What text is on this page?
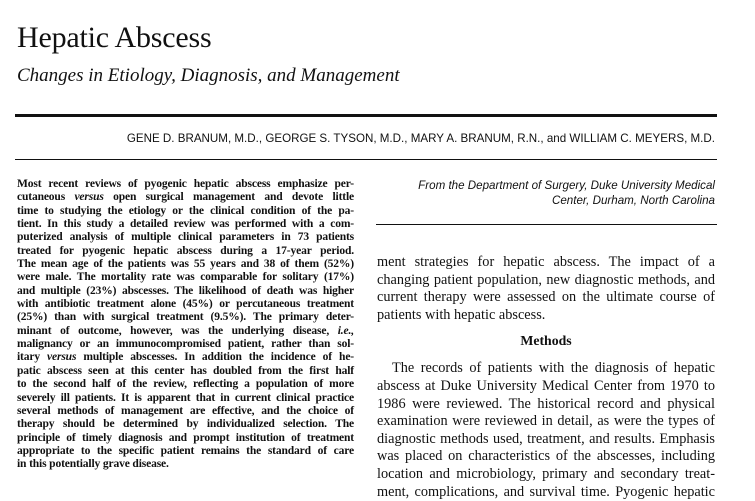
Hepatic Abscess
Changes in Etiology, Diagnosis, and Management
GENE D. BRANUM, M.D., GEORGE S. TYSON, M.D., MARY A. BRANUM, R.N., and WILLIAM C. MEYERS, M.D.
Most recent reviews of pyogenic hepatic abscess emphasize per-
cutaneous versus open surgical management and devote little
time to studying the etiology or the clinical condition of the pa-
tient. In this study a detailed review was performed with a com-
puterized analysis of multiple clinical parameters in 73 patients
treated for pyogenic hepatic abscess during a 17-year period.
The mean age of the patients was 55 years and 38 of them (52%)
were male. The mortality rate was comparable for solitary (17%)
and multiple (23%) abscesses. The likelihood of death was higher
with antibiotic treatment alone (45%) or percutaneous treatment
(25%) than with surgical treatment (9.5%). The primary deter-
minant of outcome, however, was the underlying disease, i.e.,
malignancy or an immunocompromised patient, rather than sol-
itary versus multiple abscesses. In addition the incidence of he-
patic abscess seen at this center has doubled from the first half
to the second half of the review, reflecting a population of more
severely ill patients. It is apparent that in current clinical practice
several methods of management are effective, and the choice of
therapy should be determined by individualized selection. The
principle of timely diagnosis and prompt institution of treatment
appropriate to the specific patient remains the standard of care
in this potentially grave disease.
From the Department of Surgery, Duke University Medical
Center, Durham, North Carolina
ment strategies for hepatic abscess. The impact of a
changing patient population, new diagnostic methods, and
current therapy were assessed on the ultimate course of
patients with hepatic abscess.
Methods
The records of patients with the diagnosis of hepatic
abscess at Duke University Medical Center from 1970 to
1986 were reviewed. The historical record and physical
examination were reviewed in detail, as were the types of
diagnostic methods used, treatment, and results. Emphasis
was placed on characteristics of the abscesses, including
location and microbiology, primary and secondary treat-
ment, complications, and survival time. Pyogenic hepatic
